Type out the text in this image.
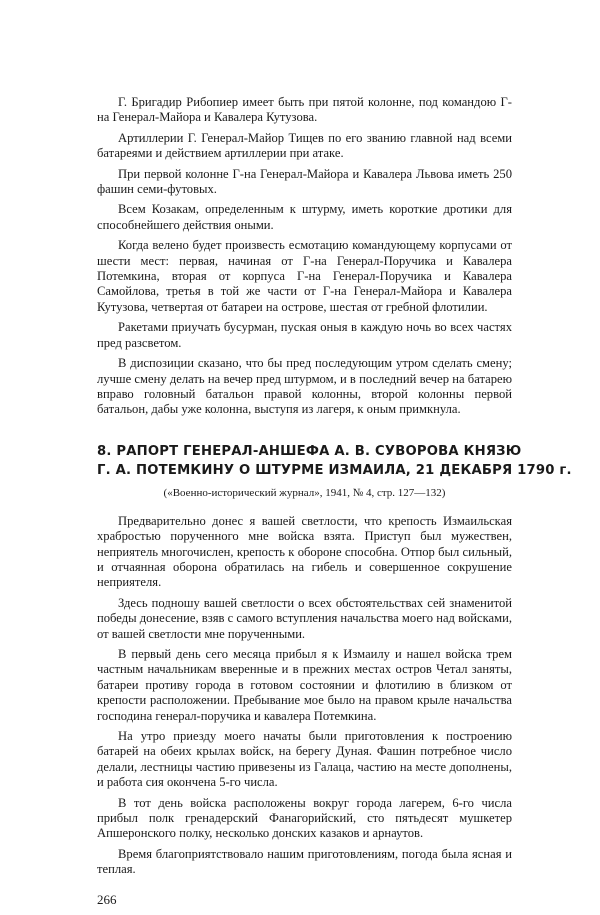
Г. Бригадир Рибопиер имеет быть при пятой колонне, под командою Г-на Генерал-Майора и Кавалера Кутузова.

Артиллерии Г. Генерал-Майор Тищев по его званию главной над всеми батареями и действием артиллерии при атаке.

При первой колонне Г-на Генерал-Майора и Кавалера Львова иметь 250 фашин семи-футовых.

Всем Козакам, определенным к штурму, иметь короткие дротики для способнейшего действия оными.

Когда велено будет произвесть есмотацию командующему корпусами от шести мест: первая, начиная от Г-на Генерал-Поручика и Кавалера Потемкина, вторая от корпуса Г-на Генерал-Поручика и Кавалера Самойлова, третья в той же части от Г-на Генерал-Майора и Кавалера Кутузова, четвертая от батареи на острове, шестая от гребной флотилии.

Ракетами приучать бусурман, пуская оныя в каждую ночь во всех частях пред разсветом.

В диспозиции сказано, что бы пред последующим утром сделать смену; лучше смену делать на вечер пред штурмом, и в последний вечер на батарею вправо головный батальон правой колонны, второй колонны первой батальон, дабы уже колонна, выступя из лагеря, к оным примкнула.

8. РАПОРТ ГЕНЕРАЛ-АНШЕФА А. В. СУВОРОВА КНЯЗЮ
Г. А. ПОТЕМКИНУ О ШТУРМЕ ИЗМАИЛА, 21 ДЕКАБРЯ 1790 г.
(«Военно-исторический журнал», 1941, № 4, стр. 127—132)

Предварительно донес я вашей светлости, что крепость Измаильская храбростью порученного мне войска взята. Приступ был мужествен, неприятель многочислен, крепость к обороне способна. Отпор был сильный, и отчаянная оборона обратилась на гибель и совершенное сокрушение неприятеля.

Здесь подношу вашей светлости о всех обстоятельствах сей знаменитой победы донесение, взяв с самого вступления начальства моего над войсками, от вашей светлости мне порученными.

В первый день сего месяца прибыл я к Измаилу и нашел войска трем частным начальникам вверенные и в прежних местах остров Четал заняты, батареи противу города в готовом состоянии и флотилию в близком от крепости расположении. Пребывание мое было на правом крыле начальства господина генерал-поручика и кавалера Потемкина.

На утро приезду моего начаты были приготовления к построению батарей на обеих крылах войск, на берегу Дуная. Фашин потребное число делали, лестницы частию привезены из Галаца, частию на месте дополнены, и работа сия окончена 5-го числа.

В тот день войска расположены вокруг города лагерем, 6-го числа прибыл полк гренадерский Фанагорийский, сто пятьдесят мушкетер Апшеронского полку, несколько донских казаков и арнаутов.

Время благоприятствовало нашим приготовлениям, погода была ясная и теплая.

266
